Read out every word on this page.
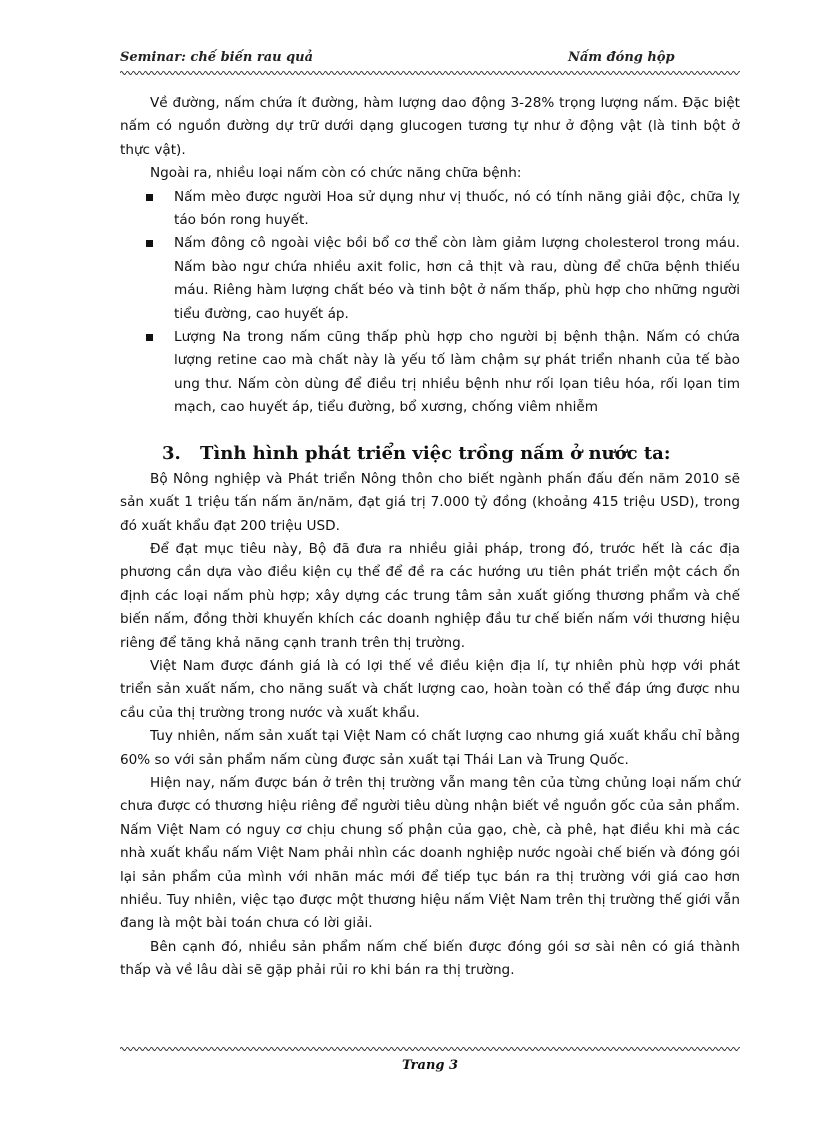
Seminar: chế biến rau quả	Nấm đóng hộp

Về đường, nấm chứa ít đường, hàm lượng dao động 3-28% trọng lượng nấm. Đặc biệt nấm có nguồn đường dự trữ dưới dạng glucogen tương tự như ở động vật (là tinh bột ở thực vật).

Ngoài ra, nhiều loại nấm còn có chức năng chữa bệnh:

Nấm mèo được người Hoa sử dụng như vị thuốc, nó có tính năng giải độc, chữa lỵ táo bón rong huyết.
Nấm đông cô ngoài việc bồi bổ cơ thể còn làm giảm lượng cholesterol trong máu. Nấm bào ngư chứa nhiều axit folic, hơn cả thịt và rau, dùng để chữa bệnh thiếu máu. Riêng hàm lượng chất béo và tinh bột ở nấm thấp, phù hợp cho những người tiểu đường, cao huyết áp.
Lượng Na trong nấm cũng thấp phù hợp cho người bị bệnh thận. Nấm có chứa lượng retine cao mà chất này là yếu tố làm chậm sự phát triển nhanh của tế bào ung thư. Nấm còn dùng để điều trị nhiều bệnh như rối lọan tiêu hóa, rối lọan tim mạch, cao huyết áp, tiểu đường, bổ xương, chống viêm nhiễm
3. Tình hình phát triển việc trồng nấm ở nước ta:

Bộ Nông nghiệp và Phát triển Nông thôn cho biết ngành phấn đấu đến năm 2010 sẽ sản xuất 1 triệu tấn nấm ăn/năm, đạt giá trị 7.000 tỷ đồng (khoảng 415 triệu USD), trong đó xuất khẩu đạt 200 triệu USD.

Để đạt mục tiêu này, Bộ đã đưa ra nhiều giải pháp, trong đó, trước hết là các địa phương cần dựa vào điều kiện cụ thể để đề ra các hướng ưu tiên phát triển một cách ổn định các loại nấm phù hợp; xây dựng các trung tâm sản xuất giống thương phẩm và chế biến nấm, đồng thời khuyến khích các doanh nghiệp đầu tư chế biến nấm với thương hiệu riêng để tăng khả năng cạnh tranh trên thị trường.

Việt Nam được đánh giá là có lợi thế về điều kiện địa lí, tự nhiên phù hợp với phát triển sản xuất nấm, cho năng suất và chất lượng cao, hoàn toàn có thể đáp ứng được nhu cầu của thị trường trong nước và xuất khẩu.

Tuy nhiên, nấm sản xuất tại Việt Nam có chất lượng cao nhưng giá xuất khẩu chỉ bằng 60% so với sản phẩm nấm cùng được sản xuất tại Thái Lan và Trung Quốc.

Hiện nay, nấm được bán ở trên thị trường vẫn mang tên của từng chủng loại nấm chứ chưa được có thương hiệu riêng để người tiêu dùng nhận biết về nguồn gốc của sản phẩm. Nấm Việt Nam có nguy cơ chịu chung số phận của gạo, chè, cà phê, hạt điều khi mà các nhà xuất khẩu nấm Việt Nam phải nhìn các doanh nghiệp nước ngoài chế biến và đóng gói lại sản phẩm của mình với nhãn mác mới để tiếp tục bán ra thị trường với giá cao hơn nhiều. Tuy nhiên, việc tạo được một thương hiệu nấm Việt Nam trên thị trường thế giới vẫn đang là một bài toán chưa có lời giải.

Bên cạnh đó, nhiều sản phẩm nấm chế biến được đóng gói sơ sài nên có giá thành thấp và về lâu dài sẽ gặp phải rủi ro khi bán ra thị trường.

Trang 3
